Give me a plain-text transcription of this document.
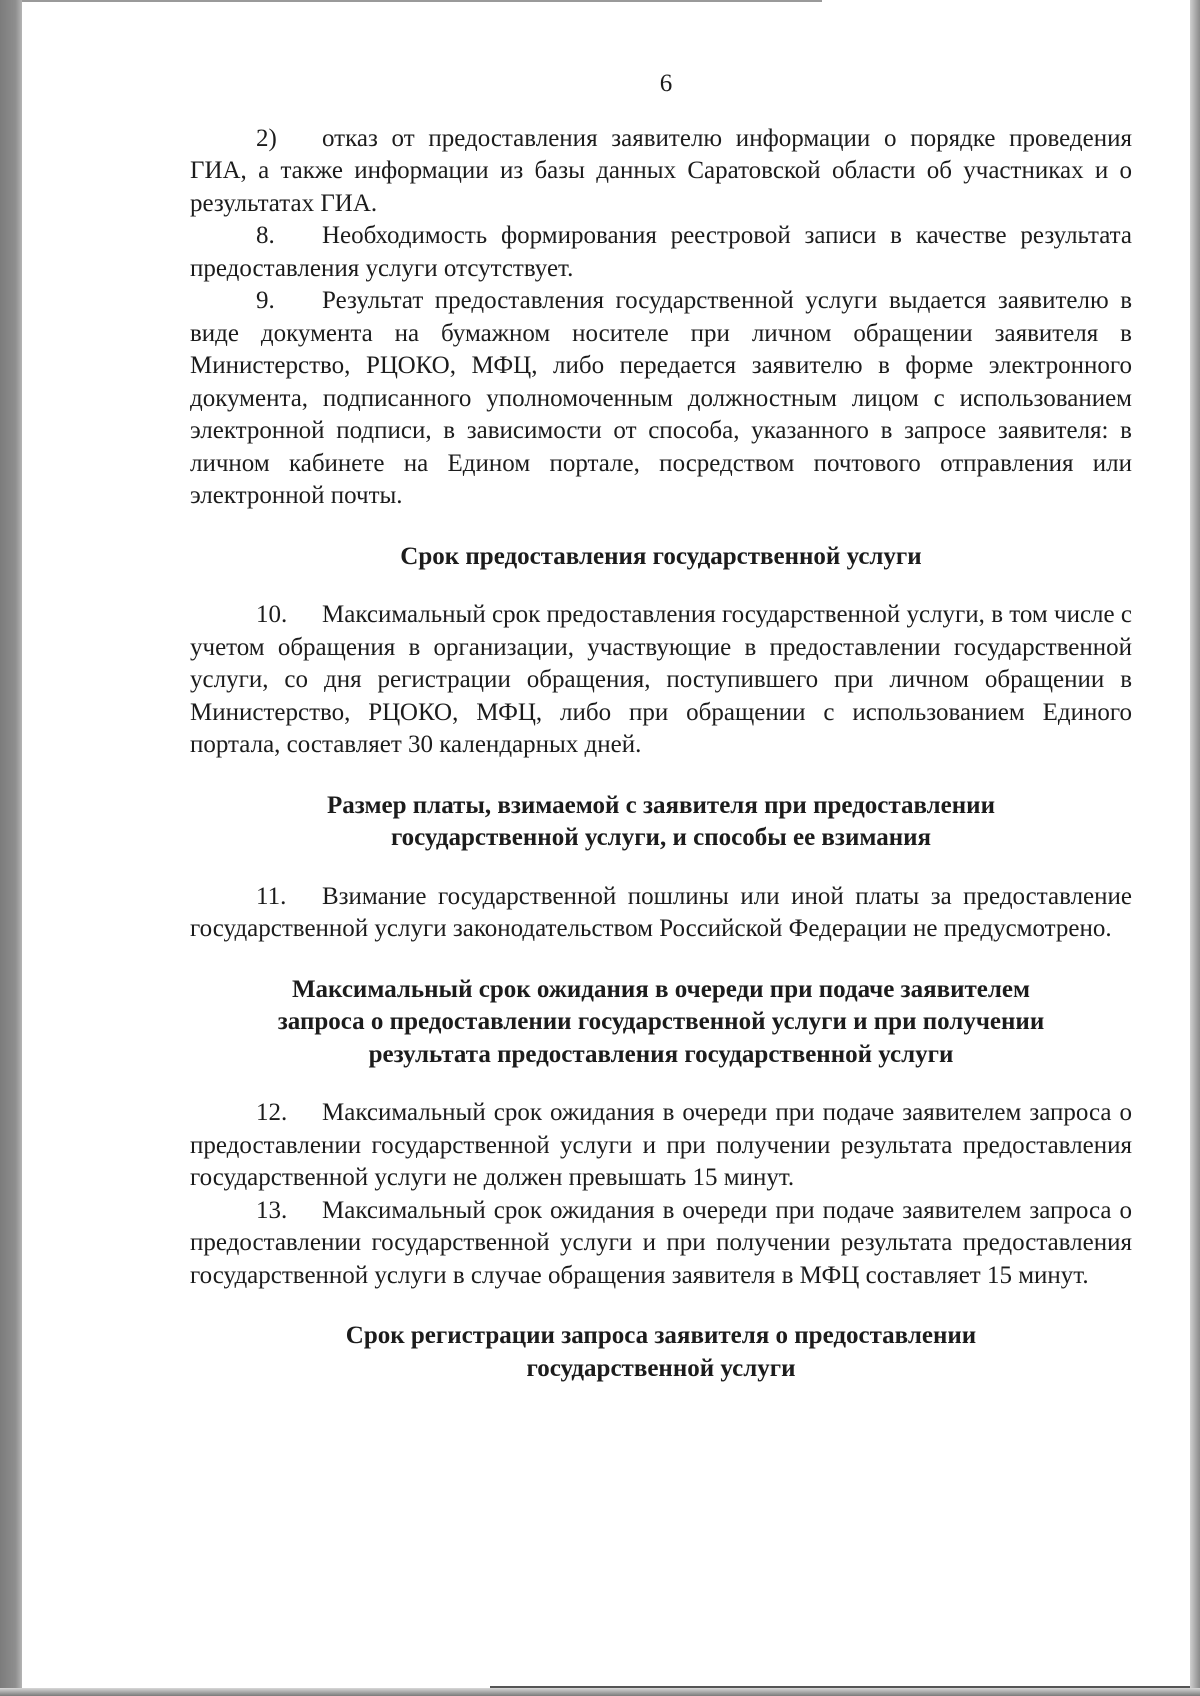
6

2) отказ от предоставления заявителю информации о порядке проведения ГИА, а также информации из базы данных Саратовской области об участниках и о результатах ГИА.

8. Необходимость формирования реестровой записи в качестве результата предоставления услуги отсутствует.

9. Результат предоставления государственной услуги выдается заявителю в виде документа на бумажном носителе при личном обращении заявителя в Министерство, РЦОКО, МФЦ, либо передается заявителю в форме электронного документа, подписанного уполномоченным должностным лицом с использованием электронной подписи, в зависимости от способа, указанного в запросе заявителя: в личном кабинете на Едином портале, посредством почтового отправления или электронной почты.

Срок предоставления государственной услуги

10. Максимальный срок предоставления государственной услуги, в том числе с учетом обращения в организации, участвующие в предоставлении государственной услуги, со дня регистрации обращения, поступившего при личном обращении в Министерство, РЦОКО, МФЦ, либо при обращении с использованием Единого портала, составляет 30 календарных дней.

Размер платы, взимаемой с заявителя при предоставлении
государственной услуги, и способы ее взимания

11. Взимание государственной пошлины или иной платы за предоставление государственной услуги законодательством Российской Федерации не предусмотрено.

Максимальный срок ожидания в очереди при подаче заявителем
запроса о предоставлении государственной услуги и при получении
результата предоставления государственной услуги

12. Максимальный срок ожидания в очереди при подаче заявителем запроса о предоставлении государственной услуги и при получении результата предоставления государственной услуги не должен превышать 15 минут.

13. Максимальный срок ожидания в очереди при подаче заявителем запроса о предоставлении государственной услуги и при получении результата предоставления государственной услуги в случае обращения заявителя в МФЦ составляет 15 минут.

Срок регистрации запроса заявителя о предоставлении
государственной услуги
